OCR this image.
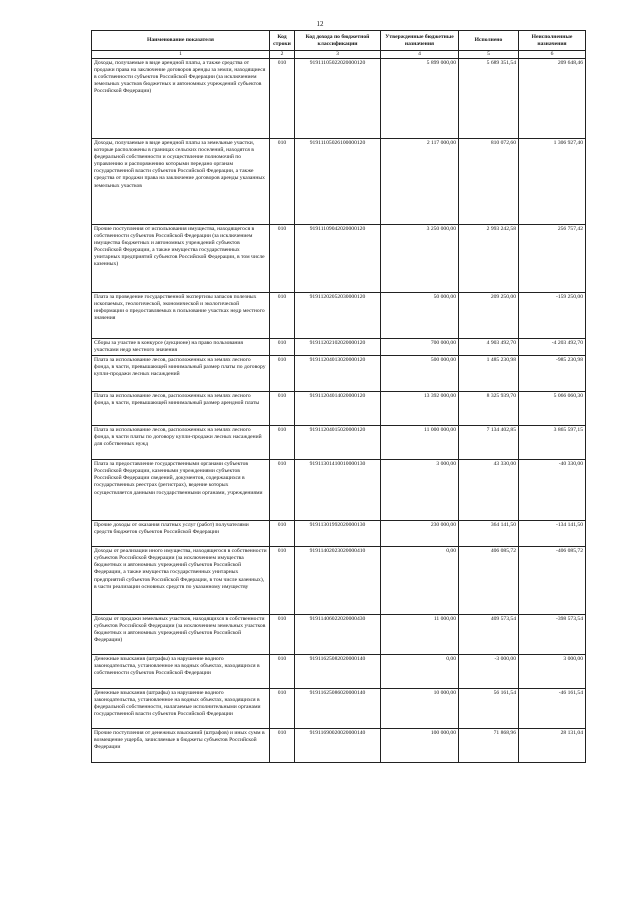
12
Наименование показателя	Код строки	Код дохода по бюджетной классификации	Утвержденные бюджетные назначения	Исполнено	Неисполненные назначения
1	2	3	4	5	6
Доходы, получаемые в виде арендной платы, а также средства от продажи права на заключение договоров аренды за земли, находящиеся в собственности субъектов Российской Федерации (за исключением земельных участков бюджетных и автономных учреждений субъектов Российской Федерации)	010	91911105022020000120	5 899 000,00	5 689 351,54	209 648,46
Доходы, получаемые в виде арендной платы за земельные участки, которые расположены в границах сельских поселений, находятся в федеральной собственности и осуществление полномочий по управлению и распоряжению которыми передано органам государственной власти субъектов Российской Федерации, а также средства от продажи права на заключение договоров аренды указанных земельных участков	010	91911105026100000120	2 117 000,00	810 072,60	1 306 927,40
Прочие поступления от использования имущества, находящегося в собственности субъектов Российской Федерации (за исключением имущества бюджетных и автономных учреждений субъектов Российской Федерации, а также имущества государственных унитарных предприятий субъектов Российской Федерации, в том числе казенных)	010	91911109042020000120	3 250 000,00	2 993 242,58	256 757,42
Плата за проведение государственной экспертизы запасов полезных ископаемых, геологической, экономической и экологической информации о предоставляемых в пользование участках недр местного значения	010	91911202052030000120	50 000,00	209 250,00	-159 250,00
Сборы за участие в конкурсе (аукционе) на право пользования участками недр местного значения	010	91911202102020000120	700 000,00	4 903 492,70	-4 203 492,70
Плата за использование лесов, расположенных на землях лесного фонда, в части, превышающей минимальный размер платы по договору купли-продажи лесных насаждений	010	91911204013020000120	500 000,00	1 485 230,98	-985 230,98
Плата за использование лесов, расположенных на землях лесного фонда, в части, превышающей минимальный размер арендной платы	010	91911204014020000120	13 392 000,00	8 325 939,70	5 066 060,30
Плата за использование лесов, расположенных на землях лесного фонда, в части платы по договору купли-продажи лесных насаждений для собственных нужд	010	91911204015020000120	11 000 000,00	7 134 402,85	3 865 597,15
Плата за предоставление государственными органами субъектов Российской Федерации, казенными учреждениями субъектов Российской Федерации сведений, документов, содержащихся в государственных реестрах (регистрах), ведение которых осуществляется данными государственными органами, учреждениями	010	91911301410010000130	3 000,00	43 330,00	-40 330,00
Прочие доходы от оказания платных услуг (работ) получателями средств бюджетов субъектов Российской Федерации	010	91911301992020000130	230 000,00	364 141,50	-134 141,50
Доходы от реализации иного имущества, находящегося в собственности субъектов Российской Федерации (за исключением имущества бюджетных и автономных учреждений субъектов Российской Федерации, а также имущества государственных унитарных предприятий субъектов Российской Федерации, в том числе казенных), в части реализации основных средств по указанному имуществу	010	91911402023020000410	0,00	406 085,72	-406 085,72
Доходы от продажи земельных участков, находящихся в собственности субъектов Российской Федерации (за исключением земельных участков бюджетных и автономных учреждений субъектов Российской Федерации)	010	91911406022020000430	11 000,00	409 573,54	-398 573,54
Денежные взыскания (штрафы) за нарушение водного законодательства, установленное на водных объектах, находящихся в собственности субъектов Российской Федерации	010	91911625082020000140	0,00	-3 000,00	3 000,00
Денежные взыскания (штрафы) за нарушение водного законодательства, установленное на водных объектах, находящихся в федеральной собственности, налагаемые исполнительными органами государственной власти субъектов Российской Федерации	010	91911625086020000140	10 000,00	56 161,54	-46 161,54
Прочие поступления от денежных взысканий (штрафов) и иных сумм в возмещение ущерба, зачисляемые в бюджеты субъектов Российской Федерации	010	91911690020020000140	100 000,00	71 868,96	28 131,04
